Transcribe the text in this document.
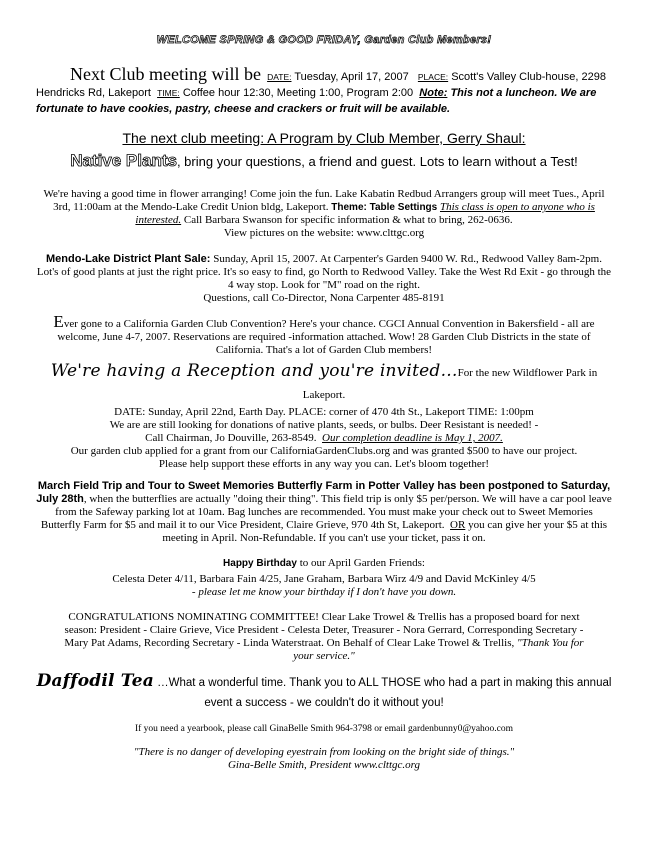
WELCOME SPRING & GOOD FRIDAY, Garden Club Members!

Next Club meeting will be DATE: Tuesday, April 17, 2007 PLACE: Scott's Valley Club-house, 2298 Hendricks Rd, Lakeport TIME: Coffee hour 12:30, Meeting 1:00, Program 2:00 Note: This not a luncheon. We are fortunate to have cookies, pastry, cheese and crackers or fruit will be available.

The next club meeting: A Program by Club Member, Gerry Shaul:

Native Plants, bring your questions, a friend and guest. Lots to learn without a Test!

We're having a good time in flower arranging! Come join the fun. Lake Kabatin Redbud Arrangers group will meet Tues., April 3rd, 11:00am at the Mendo-Lake Credit Union bldg, Lakeport. Theme: Table Settings This class is open to anyone who is interested. Call Barbara Swanson for specific information & what to bring, 262-0636.
View pictures on the website: www.clttgc.org

Mendo-Lake District Plant Sale: Sunday, April 15, 2007. At Carpenter's Garden 9400 W. Rd., Redwood Valley 8am-2pm. Lot's of good plants at just the right price. It's so easy to find, go North to Redwood Valley. Take the West Rd Exit - go through the 4 way stop. Look for "M" road on the right.
Questions, call Co-Director, Nona Carpenter 485-8191

Ever gone to a California Garden Club Convention? Here's your chance. CGCI Annual Convention in Bakersfield - all are welcome, June 4-7, 2007. Reservations are required -information attached. Wow! 28 Garden Club Districts in the state of California. That's a lot of Garden Club members!

We're having a Reception and you're invited…For the new Wildflower Park in Lakeport.

DATE: Sunday, April 22nd, Earth Day. PLACE: corner of 470 4th St., Lakeport TIME: 1:00pm

We are are still looking for donations of native plants, seeds, or bulbs. Deer Resistant is needed! -

Call Chairman, Jo Douville, 263-8549. Our completion deadline is May 1, 2007.

Our garden club applied for a grant from our CaliforniaGardenClubs.org and was granted $500 to have our project.

Please help support these efforts in any way you can. Let's bloom together!

March Field Trip and Tour to Sweet Memories Butterfly Farm in Potter Valley has been postponed to Saturday, July 28th, when the butterflies are actually "doing their thing". This field trip is only $5 per/person. We will have a car pool leave from the Safeway parking lot at 10am. Bag lunches are recommended. You must make your check out to Sweet Memories Butterfly Farm for $5 and mail it to our Vice President, Claire Grieve, 970 4th St, Lakeport. OR you can give her your $5 at this meeting in April. Non-Refundable. If you can't use your ticket, pass it on.

Happy Birthday to our April Garden Friends:

Celesta Deter 4/11, Barbara Fain 4/25, Jane Graham, Barbara Wirz 4/9 and David McKinley 4/5

- please let me know your birthday if I don't have you down.

CONGRATULATIONS NOMINATING COMMITTEE! Clear Lake Trowel & Trellis has a proposed board for next season: President - Claire Grieve, Vice President - Celesta Deter, Treasurer - Nora Gerrard, Corresponding Secretary - Mary Pat Adams, Recording Secretary - Linda Waterstraat. On Behalf of Clear Lake Trowel & Trellis, "Thank You for your service."

Daffodil Tea …What a wonderful time. Thank you to ALL THOSE who had a part in making this annual event a success - we couldn't do it without you!

If you need a yearbook, please call GinaBelle Smith 964-3798 or email gardenbunny0@yahoo.com

"There is no danger of developing eyestrain from looking on the bright side of things."

Gina-Belle Smith, President www.clttgc.org
